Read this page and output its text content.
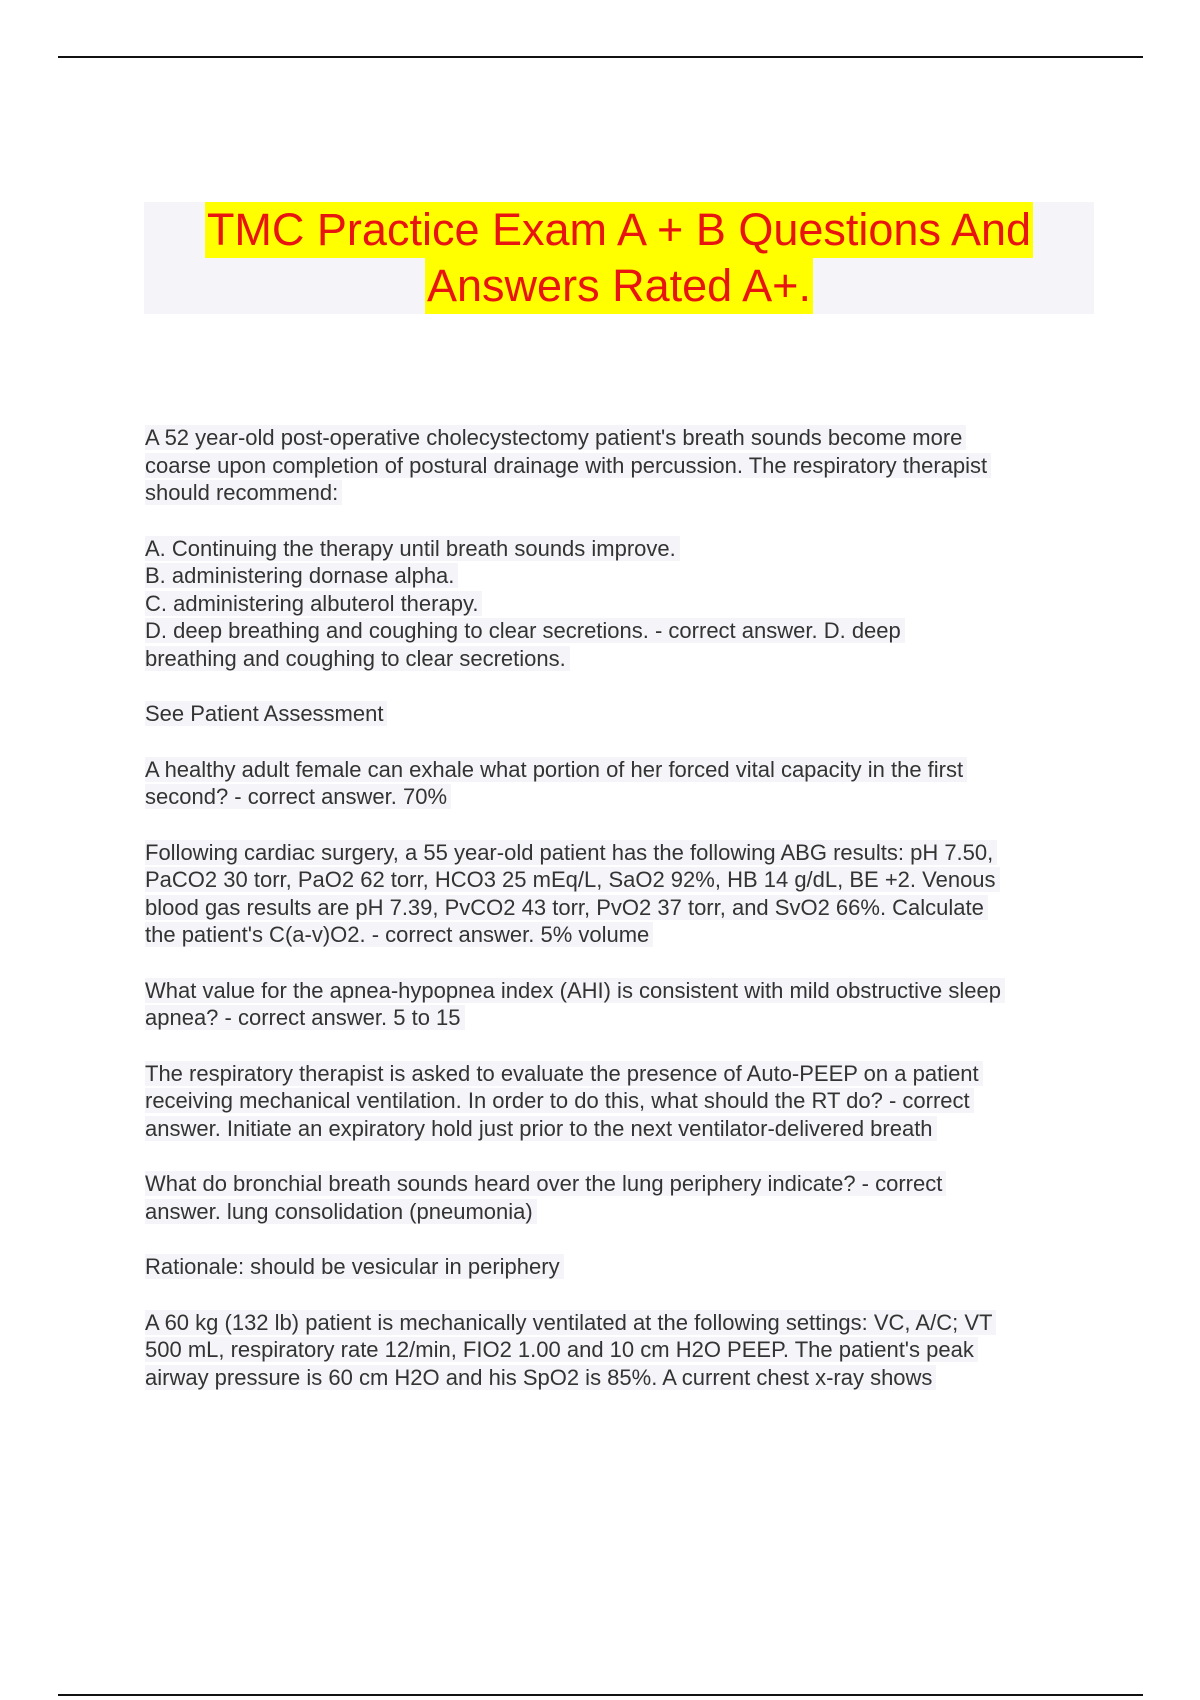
TMC Practice Exam A + B Questions And
Answers Rated A+.

A 52 year-old post-operative cholecystectomy patient's breath sounds become more
coarse upon completion of postural drainage with percussion. The respiratory therapist
should recommend:

A. Continuing the therapy until breath sounds improve.
B. administering dornase alpha.
C. administering albuterol therapy.
D. deep breathing and coughing to clear secretions. - correct answer. D. deep
breathing and coughing to clear secretions.

See Patient Assessment

A healthy adult female can exhale what portion of her forced vital capacity in the first
second? - correct answer. 70%

Following cardiac surgery, a 55 year-old patient has the following ABG results: pH 7.50,
PaCO2 30 torr, PaO2 62 torr, HCO3 25 mEq/L, SaO2 92%, HB 14 g/dL, BE +2. Venous
blood gas results are pH 7.39, PvCO2 43 torr, PvO2 37 torr, and SvO2 66%. Calculate
the patient's C(a-v)O2. - correct answer. 5% volume

What value for the apnea-hypopnea index (AHI) is consistent with mild obstructive sleep
apnea? - correct answer. 5 to 15

The respiratory therapist is asked to evaluate the presence of Auto-PEEP on a patient
receiving mechanical ventilation. In order to do this, what should the RT do? - correct
answer. Initiate an expiratory hold just prior to the next ventilator-delivered breath

What do bronchial breath sounds heard over the lung periphery indicate? - correct
answer. lung consolidation (pneumonia)

Rationale: should be vesicular in periphery

A 60 kg (132 lb) patient is mechanically ventilated at the following settings: VC, A/C; VT
500 mL, respiratory rate 12/min, FIO2 1.00 and 10 cm H2O PEEP. The patient's peak
airway pressure is 60 cm H2O and his SpO2 is 85%. A current chest x-ray shows
